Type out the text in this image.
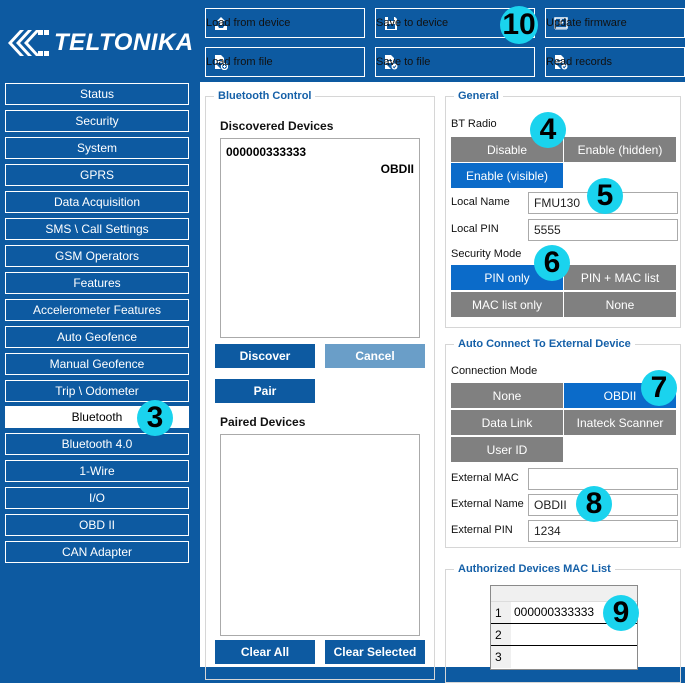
TELTONIKA
Load from device	Save to device	Update firmware
Load from file	Save to file	Read records
Status
Security
System
GPRS
Data Acquisition
SMS \ Call Settings
GSM Operators
Features
Accelerometer Features
Auto Geofence
Manual Geofence
Trip \ Odometer
Bluetooth
Bluetooth 4.0
1-Wire
I/O
OBD II
CAN Adapter
Bluetooth Control
Discovered Devices
000000333333
OBDII
Discover	Cancel
Pair
Paired Devices
Clear All	Clear Selected
General
BT Radio
Disable	Enable (hidden)
Enable (visible)
Local Name	FMU130
Local PIN	5555
Security Mode
PIN only	PIN + MAC list
MAC list only	None
Auto Connect To External Device
Connection Mode
None	OBDII
Data Link	Inateck Scanner
User ID
External MAC
External Name OBDII
External PIN	1234
Authorized Devices MAC List
1	000000333333
2
3
10
3
4
5
6
7
8
9
